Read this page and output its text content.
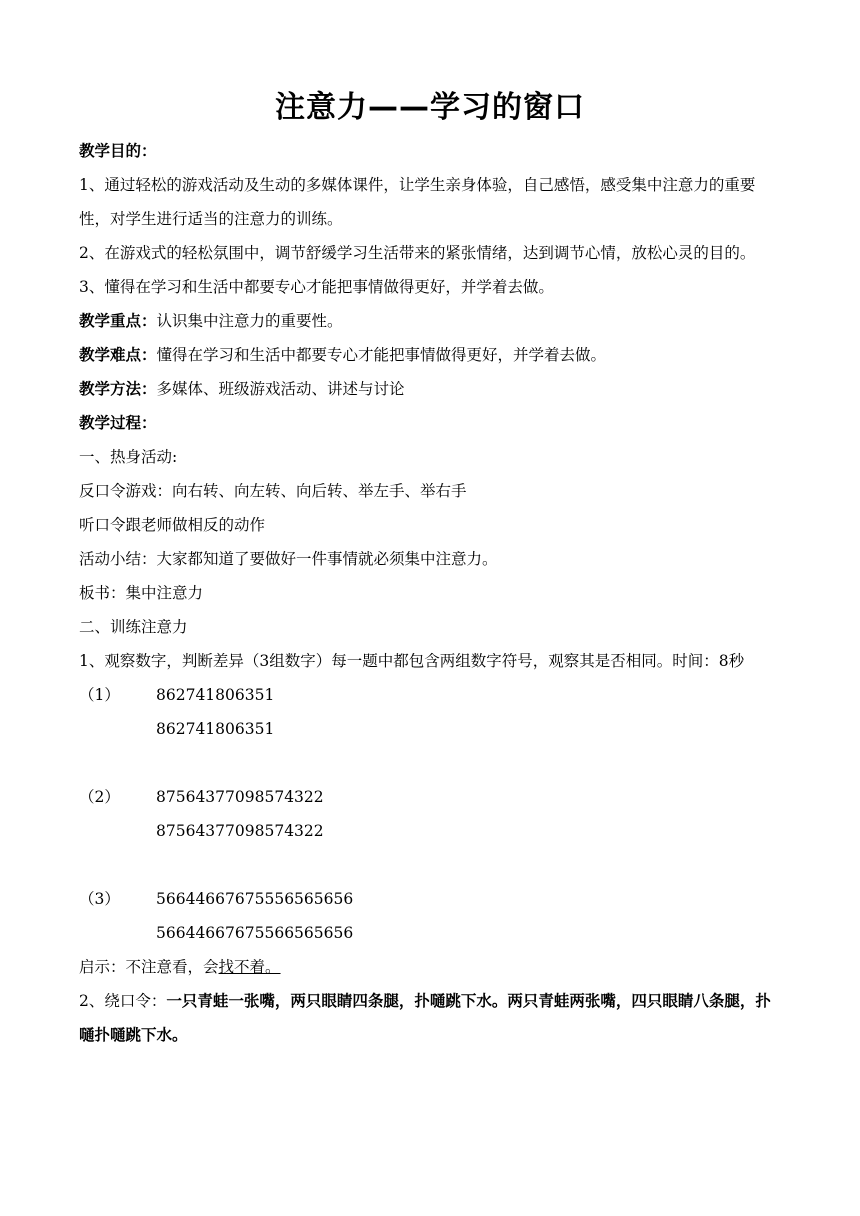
注意力——学习的窗口
教学目的：
1、通过轻松的游戏活动及生动的多媒体课件，让学生亲身体验，自己感悟，感受集中注意力的重要性，对学生进行适当的注意力的训练。
2、在游戏式的轻松氛围中，调节舒缓学习生活带来的紧张情绪，达到调节心情，放松心灵的目的。
3、懂得在学习和生活中都要专心才能把事情做得更好，并学着去做。
教学重点：认识集中注意力的重要性。
教学难点：懂得在学习和生活中都要专心才能把事情做得更好，并学着去做。
教学方法：多媒体、班级游戏活动、讲述与讨论
教学过程：
一、热身活动:
反口令游戏：向右转、向左转、向后转、举左手、举右手
听口令跟老师做相反的动作
活动小结：大家都知道了要做好一件事情就必须集中注意力。
板书：集中注意力
二、训练注意力
1、观察数字，判断差异（3组数字）每一题中都包含两组数字符号，观察其是否相同。时间：8秒
（1）	862741806351
862741806351
（2）	87564377098574322
87564377098574322
（3）	56644667675556565656
56644667675566565656
启示：不注意看，会找不着。
2、绕口令：一只青蛙一张嘴，两只眼睛四条腿，扑嗵跳下水。两只青蛙两张嘴，四只眼睛八条腿，扑嗵扑嗵跳下水。
